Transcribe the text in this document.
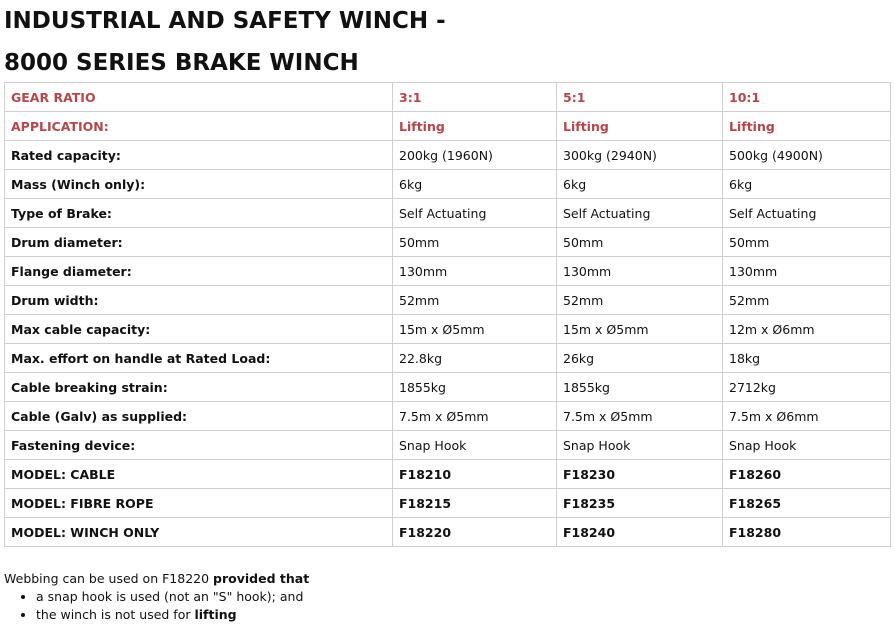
INDUSTRIAL AND SAFETY WINCH -
8000 SERIES BRAKE WINCH
GEAR RATIO	3:1	5:1	10:1
APPLICATION:	Lifting	Lifting	Lifting
Rated capacity:	200kg (1960N)	300kg (2940N)	500kg (4900N)
Mass (Winch only):	6kg	6kg	6kg
Type of Brake:	Self Actuating	Self Actuating	Self Actuating
Drum diameter:	50mm	50mm	50mm
Flange diameter:	130mm	130mm	130mm
Drum width:	52mm	52mm	52mm
Max cable capacity:	15m x Ø5mm	15m x Ø5mm	12m x Ø6mm
Max. effort on handle at Rated Load:	22.8kg	26kg	18kg
Cable breaking strain:	1855kg	1855kg	2712kg
Cable (Galv) as supplied:	7.5m x Ø5mm	7.5m x Ø5mm	7.5m x Ø6mm
Fastening device:	Snap Hook	Snap Hook	Snap Hook
MODEL: CABLE	F18210	F18230	F18260
MODEL: FIBRE ROPE	F18215	F18235	F18265
MODEL: WINCH ONLY	F18220	F18240	F18280
Webbing can be used on F18220 provided that
• a snap hook is used (not an "S" hook); and
• the winch is not used for lifting
